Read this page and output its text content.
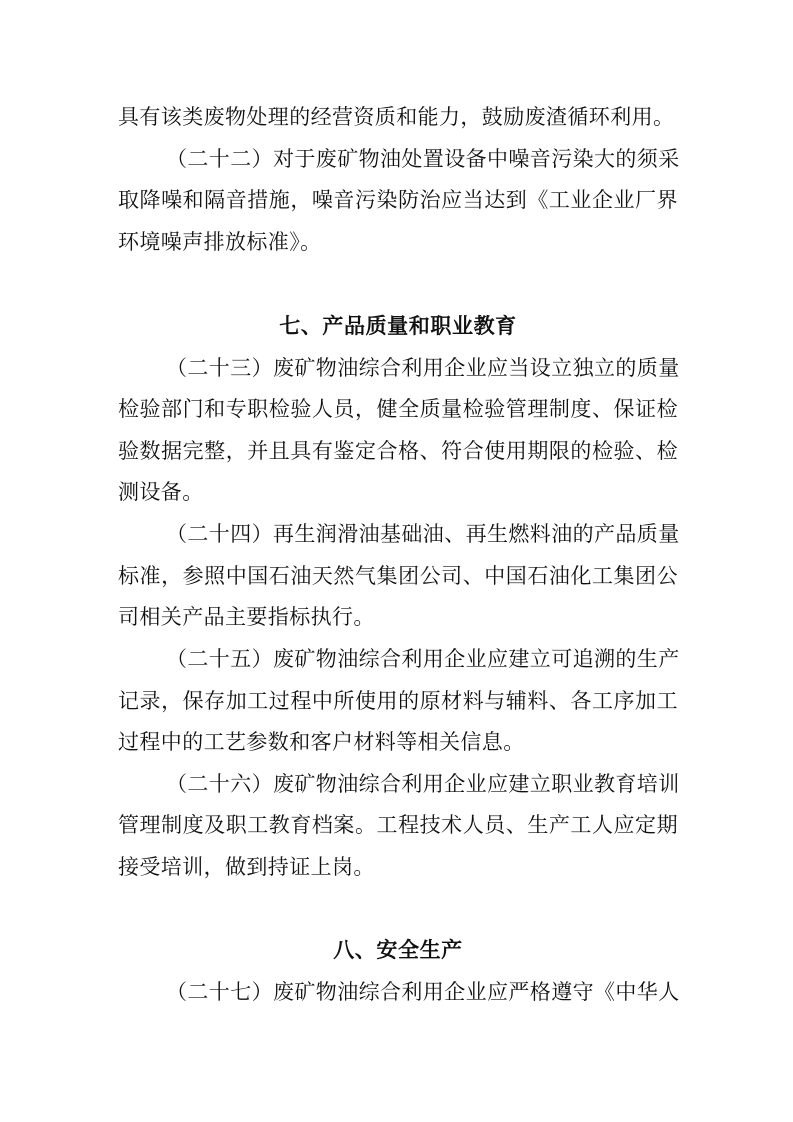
具有该类废物处理的经营资质和能力，鼓励废渣循环利用。
（二十二）对于废矿物油处置设备中噪音污染大的须采
取降噪和隔音措施，噪音污染防治应当达到《工业企业厂界
环境噪声排放标准》。
七、产品质量和职业教育
（二十三）废矿物油综合利用企业应当设立独立的质量
检验部门和专职检验人员，健全质量检验管理制度、保证检
验数据完整，并且具有鉴定合格、符合使用期限的检验、检
测设备。
（二十四）再生润滑油基础油、再生燃料油的产品质量
标准，参照中国石油天然气集团公司、中国石油化工集团公
司相关产品主要指标执行。
（二十五）废矿物油综合利用企业应建立可追溯的生产
记录，保存加工过程中所使用的原材料与辅料、各工序加工
过程中的工艺参数和客户材料等相关信息。
（二十六）废矿物油综合利用企业应建立职业教育培训
管理制度及职工教育档案。工程技术人员、生产工人应定期
接受培训，做到持证上岗。
八、安全生产
（二十七）废矿物油综合利用企业应严格遵守《中华人
